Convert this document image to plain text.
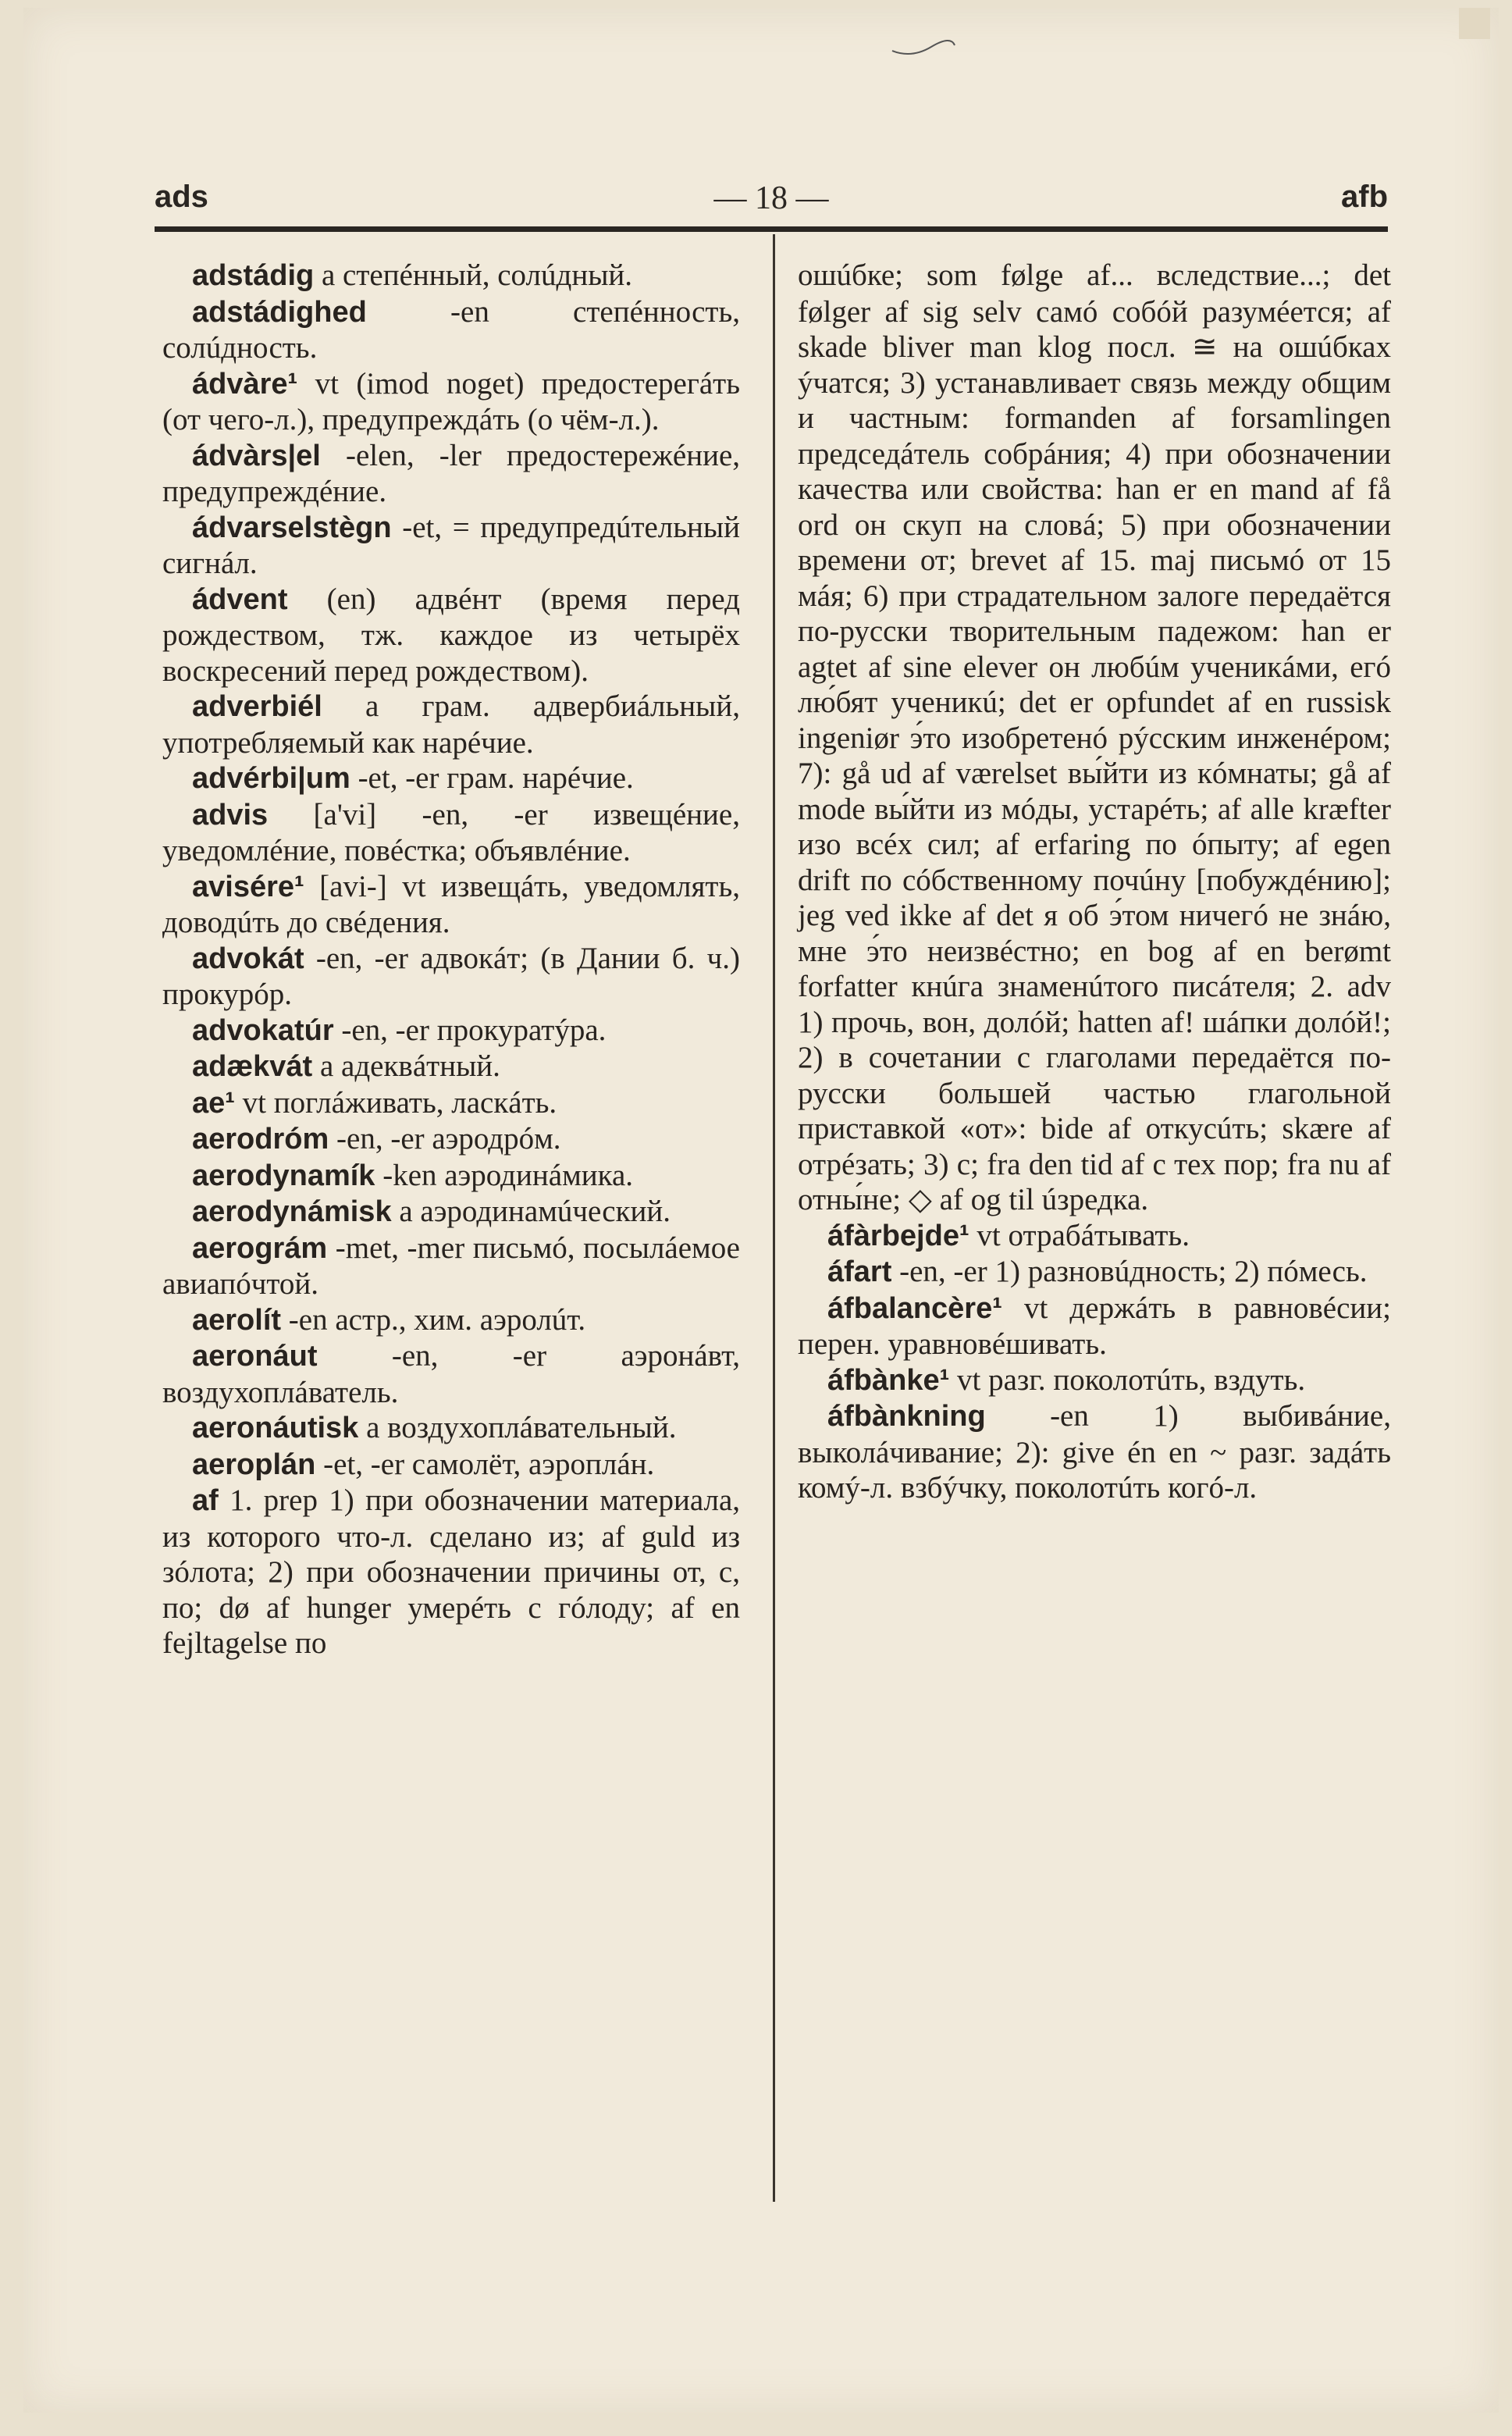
— 18 —
ads	afb

adstádig a степéнный, солúдный.

adstádighed -en степéнность, солúдность.

ádvàre¹ vt (imod noget) предостерегáть (от чего-л.), предупреждáть (о чём-л.).

ádvàrs|el -elen, -ler предостережéние, предупреждéние.

ádvarselstègn -et, = предупредúтельный сигнáл.

ádvent (en) адвéнт (время перед рождеством, тж. каждое из четырёх воскресений перед рождеством).

adverbiél a грам. адвербиáльный, употребляемый как нарéчие.

advérbi|um -et, -er грам. нарéчие.

advis [a'vi] -en, -er извещéние, уведомлéние, повéстка; объявлéние.

avisére¹ [avi-] vt извещáть, уведомлять, доводúть до свéдения.

advokát -en, -er адвокáт; (в Дании б. ч.) прокурóр.

advokatúr -en, -er прокуратýра.

adækvát a адеквáтный.

ae¹ vt поглáживать, ласкáть.

aerodróm -en, -er аэродрóм.

aerodynamík -ken аэродинáмика.

aerodynámisk a аэродинамúческий.

aerográm -met, -mer письмó, посылáемое авиапóчтой.

aerolít -en астр., хим. аэролúт.

aeronáut -en, -er аэронáвт, воздухоплáватель.

aeronáutisk a воздухоплáвательный.

aeroplán -et, -er самолёт, аэроплáн.

af 1. prep 1) при обозначении материала, из которого что-л. сделано из; af guld из зóлота; 2) при обозначении причины от, с, по; dø af hunger умерéть с гóлоду; af en fejltagelse по

ошúбке; som følge af... вследствие...; det følger af sig selv самó собóй разумéется; af skade bliver man klog посл. ≅ на ошúбках ýчатся; 3) устанавливает связь между общим и частным: formanden af forsamlingen председáтель собрáния; 4) при обозначении качества или свойства: han er en mand af få ord он скуп на словá; 5) при обозначении времени от; brevet af 15. maj письмó от 15 мáя; 6) при страдательном залоге передаётся по-русски творительным падежом: han er agtet af sine elever он любúм ученикáми, егó лю́бят ученикú; det er opfundet af en russisk ingeniør э́то изобретенó рýсским инженéром; 7): gå ud af værelset вы́йти из кóмнаты; gå af mode вы́йти из мóды, устарéть; af alle kræfter изо всéх сил; af erfaring по óпыту; af egen drift по сóбственному почúну [побуждéнию]; jeg ved ikke af det я об э́том ничегó не знáю, мне э́то неизвéстно; en bog af en berømt forfatter кнúга знаменúтого писáтеля; 2. adv 1) прочь, вон, долóй; hatten af! шáпки долóй!; 2) в сочетании с глаголами передаётся по-русски большей частью глагольной приставкой «от»: bide af откусúть; skære af отрéзать; 3) c; fra den tid af с тех пор; fra nu af отны́не; ◇ af og til úзредка.

áfàrbejde¹ vt отрабáтывать.

áfart -en, -er 1) разновúдность; 2) пóмесь.

áfbalancère¹ vt держáть в равновéсии; перен. уравновéшивать.

áfbànke¹ vt разг. поколотúть, вздуть.

áfbànkning -en 1) выбивáние, выколáчивание; 2): give én en ~ разг. задáть комý-л. взбýчку, поколотúть когó-л.
